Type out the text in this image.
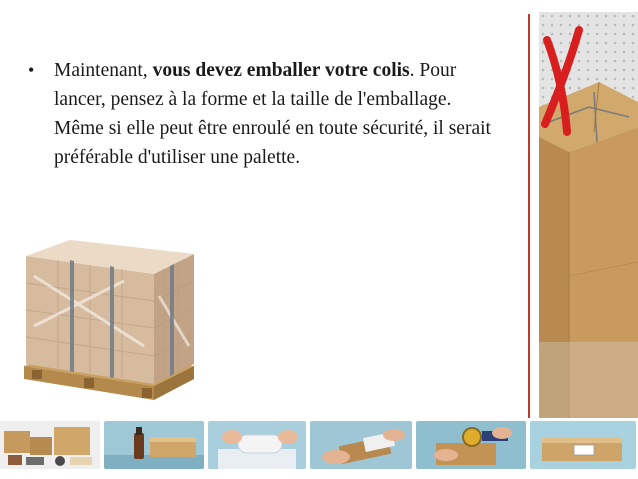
• Maintenant, vous devez emballer votre colis. Pour lancer, pensez à la forme et la taille de l'emballage. Même si elle peut être enroulé en toute sécurité, il serait préférable d'utiliser une palette.
